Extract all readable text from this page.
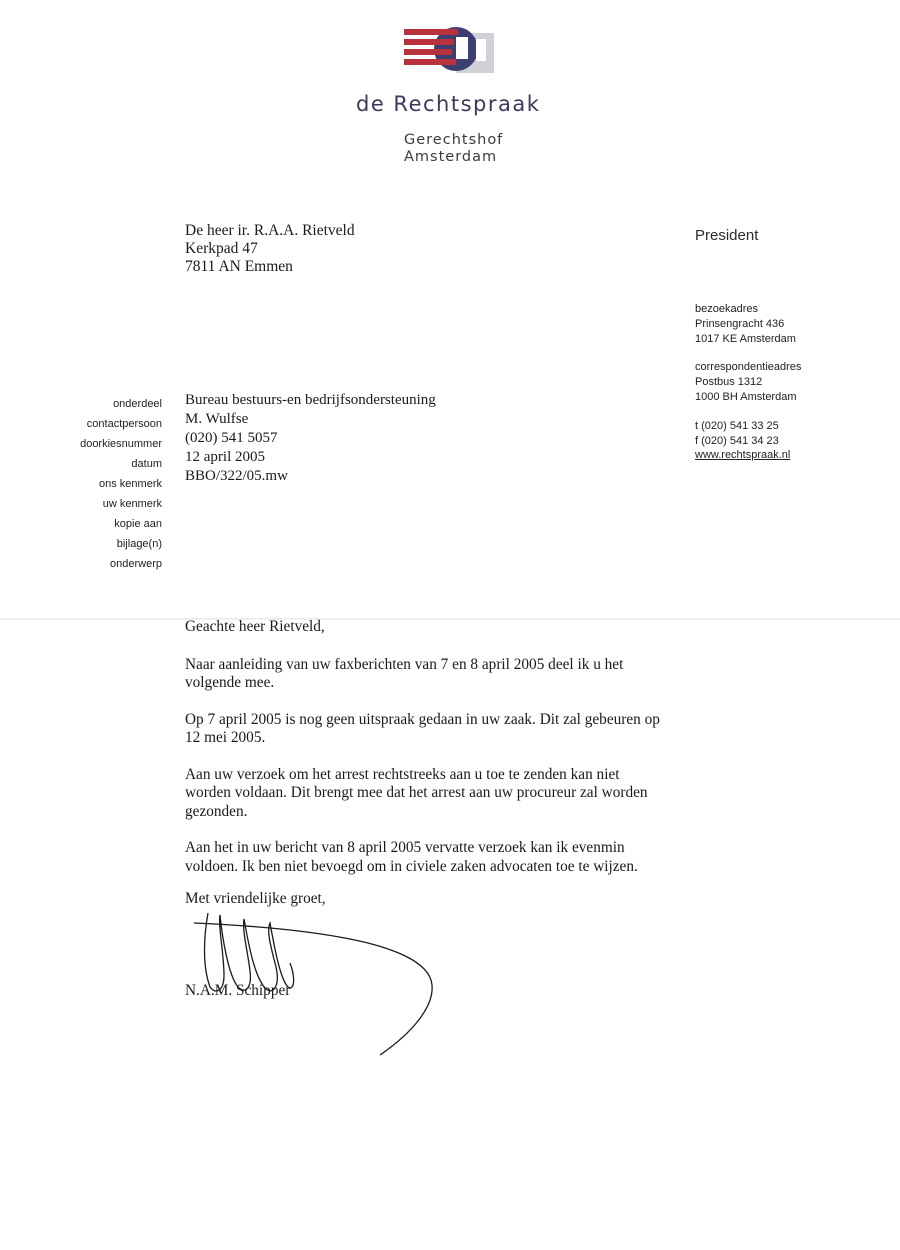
de Rechtspraak
Gerechtshof
Amsterdam
De heer ir. R.A.A. Rietveld
Kerkpad 47
7811 AN Emmen
President
bezoekadres
Prinsengracht 436
1017 KE Amsterdam
correspondentieadres
Postbus 1312
1000 BH Amsterdam
t (020) 541 33 25
f (020) 541 34 23
www.rechtspraak.nl
onderdeel
contactpersoon
doorkiesnummer
datum
ons kenmerk
uw kenmerk
kopie aan
bijlage(n)
onderwerp
Bureau bestuurs-en bedrijfsondersteuning
M. Wulfse
(020) 541 5057
12 april 2005
BBO/322/05.mw

Geachte heer Rietveld,

Naar aanleiding van uw faxberichten van 7 en 8 april 2005 deel ik u het
volgende mee.

Op 7 april 2005 is nog geen uitspraak gedaan in uw zaak. Dit zal gebeuren op
12 mei 2005.

Aan uw verzoek om het arrest rechtstreeks aan u toe te zenden kan niet
worden voldaan. Dit brengt mee dat het arrest aan uw procureur zal worden
gezonden.

Aan het in uw bericht van 8 april 2005 vervatte verzoek kan ik evenmin
voldoen. Ik ben niet bevoegd om in civiele zaken advocaten toe te wijzen.

Met vriendelijke groet,
N.A.M. Schipper
